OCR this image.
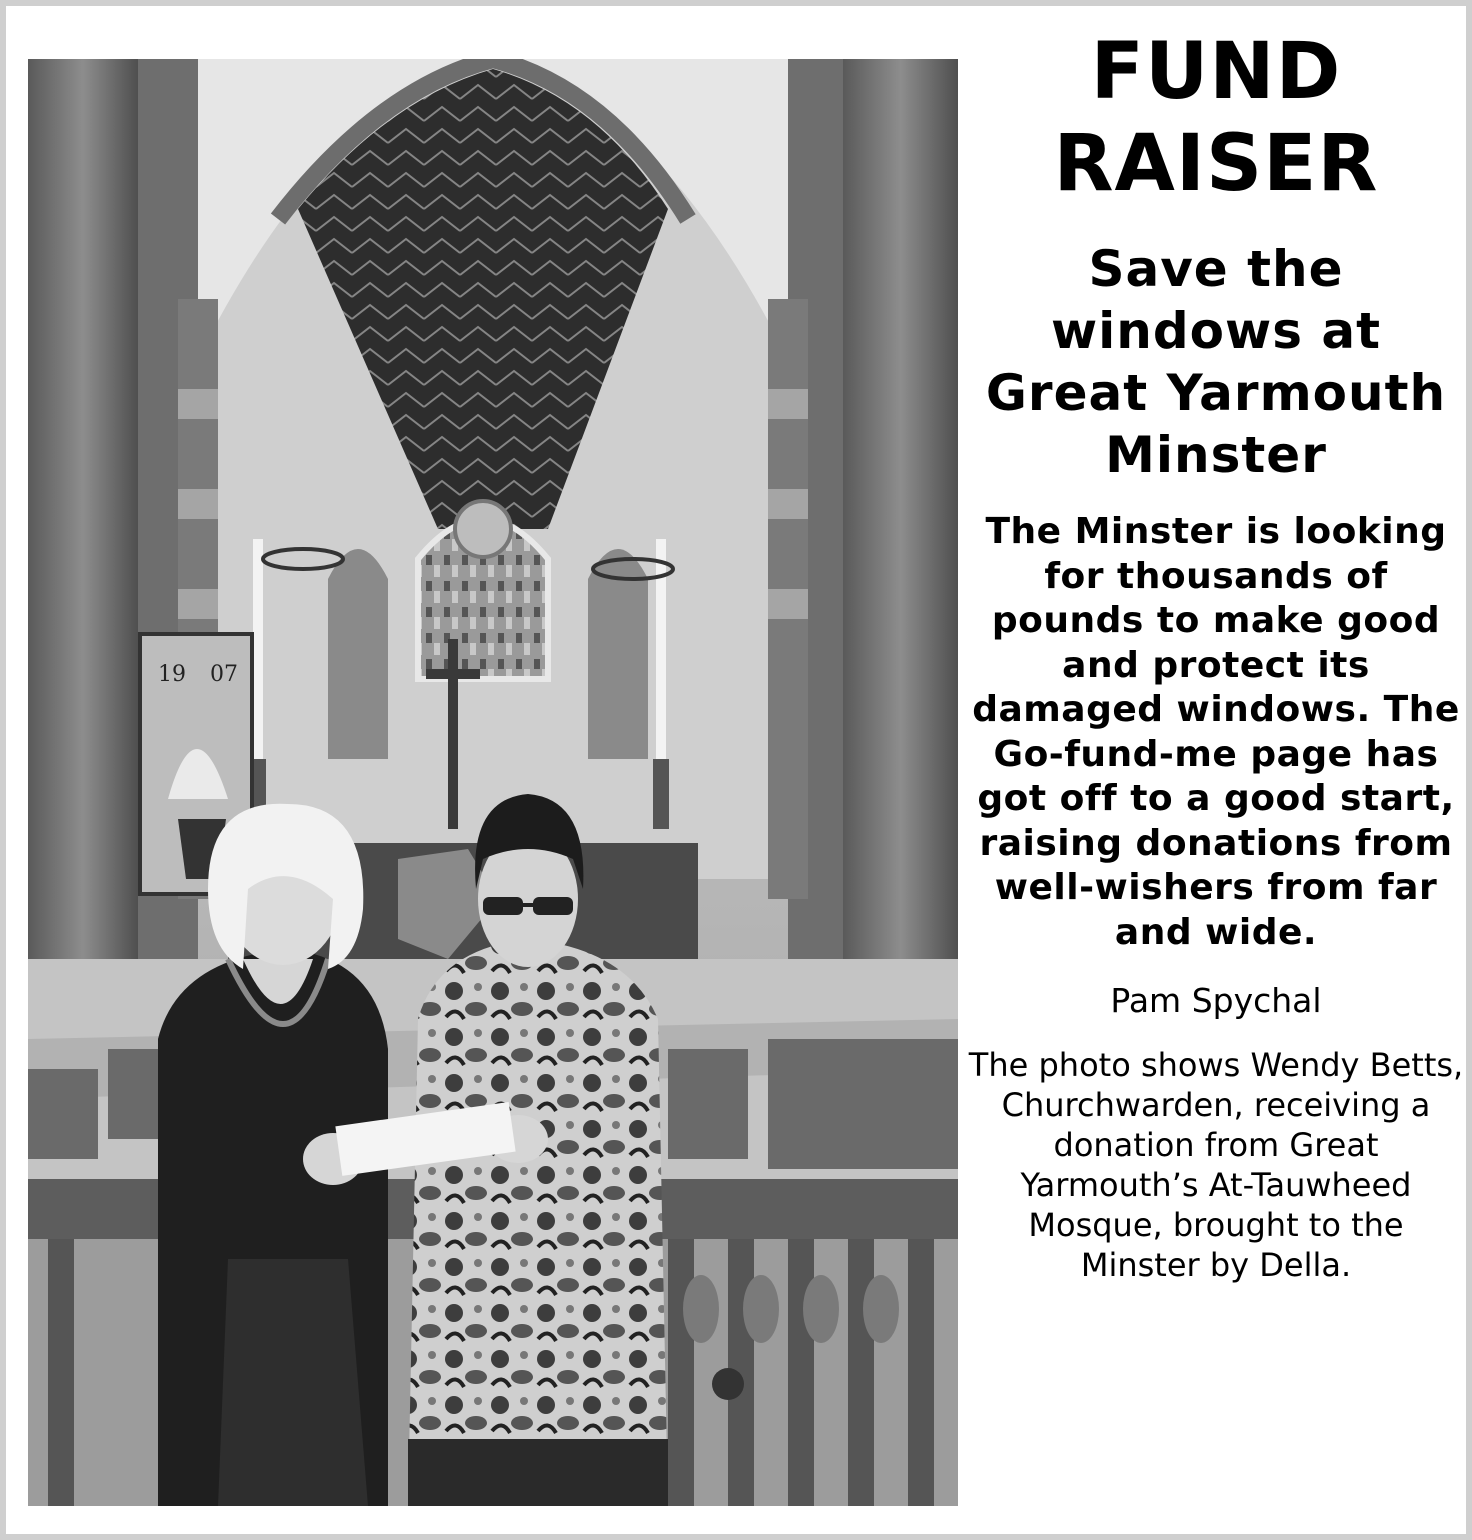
19 07
FUND
RAISER
Save the windows at Great Yarmouth Minster

The Minster is looking for thousands of pounds to make good and protect its damaged windows. The Go-fund-me page has got off to a good start, raising donations from well-wishers from far and wide.

Pam Spychal

The photo shows Wendy Betts, Churchwarden, receiving a donation from Great Yarmouth’s At-Tauwheed Mosque, brought to the Minster by Della.
